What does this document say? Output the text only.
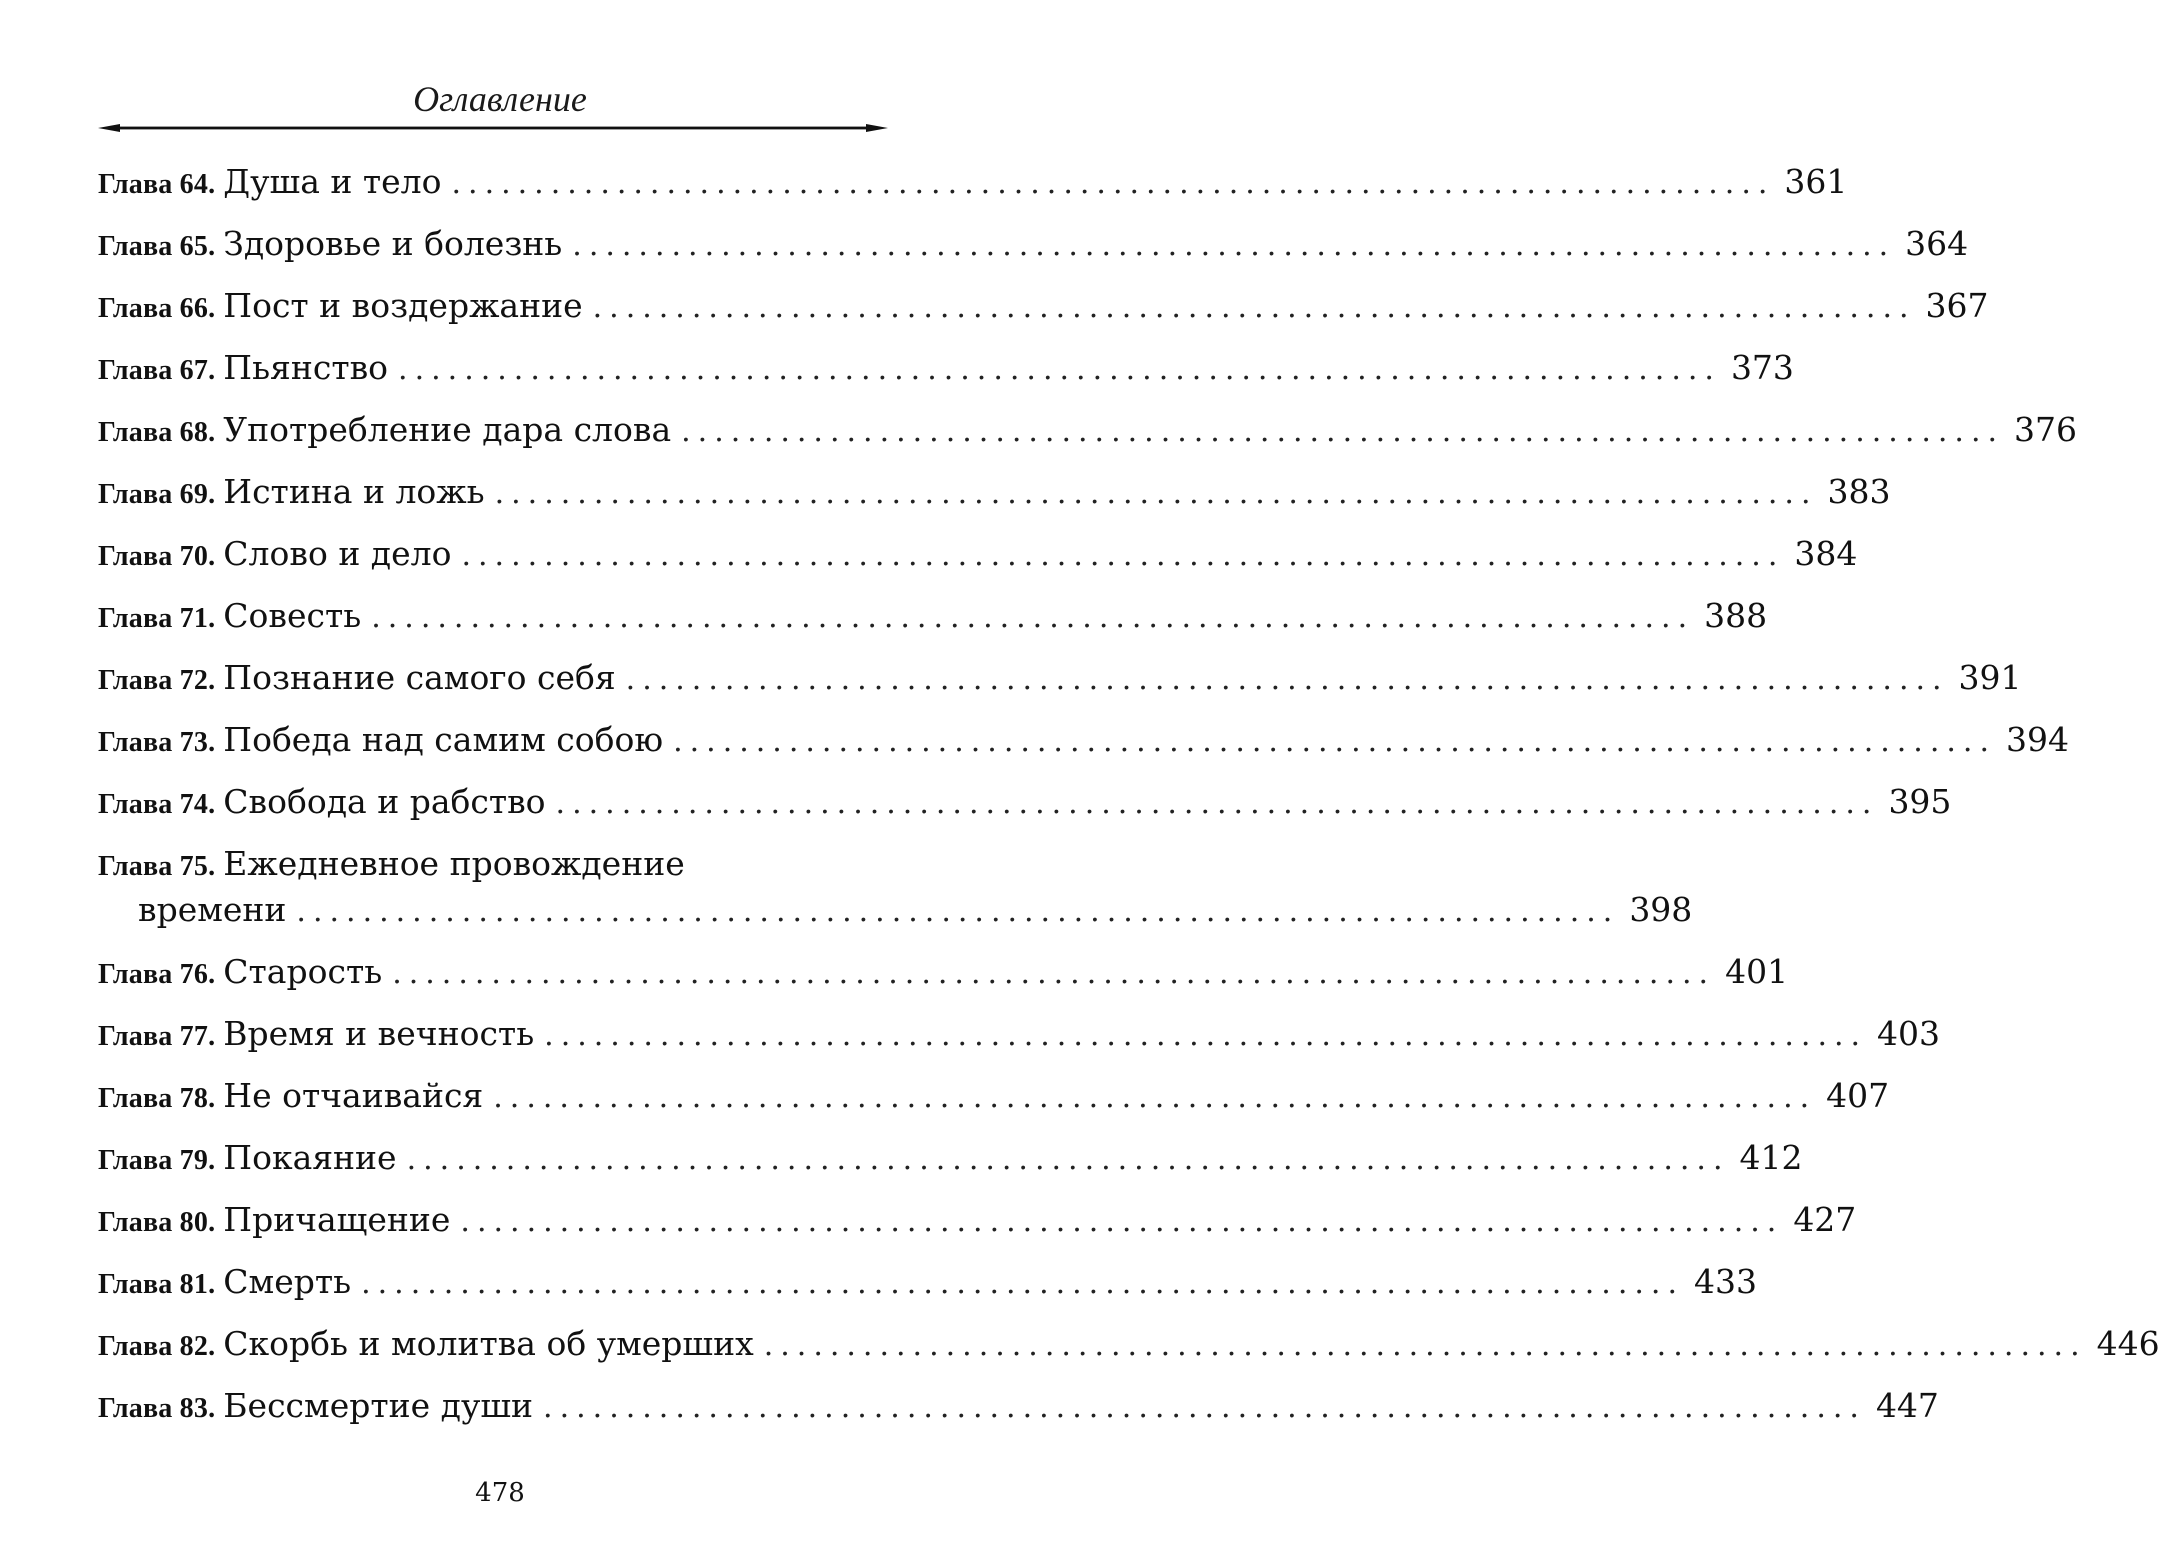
Оглавление
Глава 64. Душа и тело ................................................................................ 361
Глава 65. Здоровье и болезнь ................................................................................ 364
Глава 66. Пост и воздержание ................................................................................ 367
Глава 67. Пьянство ................................................................................ 373
Глава 68. Употребление дара слова ................................................................................ 376
Глава 69. Истина и ложь ................................................................................ 383
Глава 70. Слово и дело ................................................................................ 384
Глава 71. Совесть ................................................................................ 388
Глава 72. Познание самого себя ................................................................................ 391
Глава 73. Победа над самим собою ................................................................................ 394
Глава 74. Свобода и рабство ................................................................................ 395
Глава 75. Ежедневное провождение
времени ................................................................................ 398
Глава 76. Старость ................................................................................ 401
Глава 77. Время и вечность ................................................................................ 403
Глава 78. Не отчаивайся ................................................................................ 407
Глава 79. Покаяние ................................................................................ 412
Глава 80. Причащение ................................................................................ 427
Глава 81. Смерть ................................................................................ 433
Глава 82. Скорбь и молитва об умерших ................................................................................ 446
Глава 83. Бессмертие души ................................................................................ 447
478
